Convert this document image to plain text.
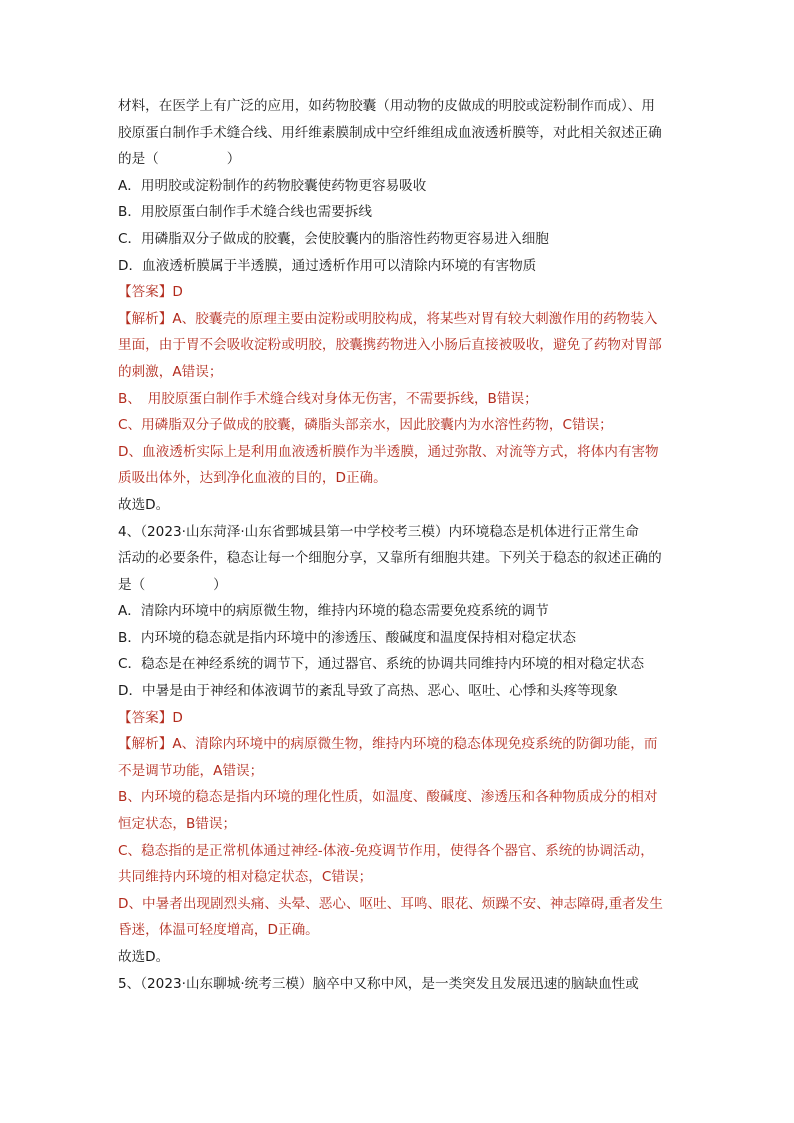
材料，在医学上有广泛的应用，如药物胶囊（用动物的皮做成的明胶或淀粉制作而成）、用
胶原蛋白制作手术缝合线、用纤维素膜制成中空纤维组成血液透析膜等，对此相关叙述正确
的是（　　　　　）
A．用明胶或淀粉制作的药物胶囊使药物更容易吸收
B．用胶原蛋白制作手术缝合线也需要拆线
C．用磷脂双分子做成的胶囊，会使胶囊内的脂溶性药物更容易进入细胞
D．血液透析膜属于半透膜，通过透析作用可以清除内环境的有害物质
【答案】D
【解析】A、胶囊壳的原理主要由淀粉或明胶构成，将某些对胃有较大刺激作用的药物装入
里面，由于胃不会吸收淀粉或明胶，胶囊携药物进入小肠后直接被吸收，避免了药物对胃部
的刺激，A错误；
B、　用胶原蛋白制作手术缝合线对身体无伤害，不需要拆线，B错误；
C、用磷脂双分子做成的胶囊，磷脂头部亲水，因此胶囊内为水溶性药物，C错误；
D、血液透析实际上是利用血液透析膜作为半透膜，通过弥散、对流等方式，将体内有害物
质吸出体外，达到净化血液的目的，D正确。
故选D。
4、（2023·山东菏泽·山东省鄄城县第一中学校考三模）内环境稳态是机体进行正常生命
活动的必要条件，稳态让每一个细胞分享，又靠所有细胞共建。下列关于稳态的叙述正确的
是（　　　　　）
A．清除内环境中的病原微生物，维持内环境的稳态需要免疫系统的调节
B．内环境的稳态就是指内环境中的渗透压、酸碱度和温度保持相对稳定状态
C．稳态是在神经系统的调节下，通过器官、系统的协调共同维持内环境的相对稳定状态
D．中暑是由于神经和体液调节的紊乱导致了高热、恶心、呕吐、心悸和头疼等现象
【答案】D
【解析】A、清除内环境中的病原微生物，维持内环境的稳态体现免疫系统的防御功能，而
不是调节功能，A错误；
B、内环境的稳态是指内环境的理化性质，如温度、酸碱度、渗透压和各种物质成分的相对
恒定状态，B错误；
C、稳态指的是正常机体通过神经-体液-免疫调节作用，使得各个器官、系统的协调活动，
共同维持内环境的相对稳定状态，C错误；
D、中暑者出现剧烈头痛、头晕、恶心、呕吐、耳鸣、眼花、烦躁不安、神志障碍,重者发生
昏迷，体温可轻度增高，D正确。
故选D。
5、（2023·山东聊城·统考三模）脑卒中又称中风，是一类突发且发展迅速的脑缺血性或
